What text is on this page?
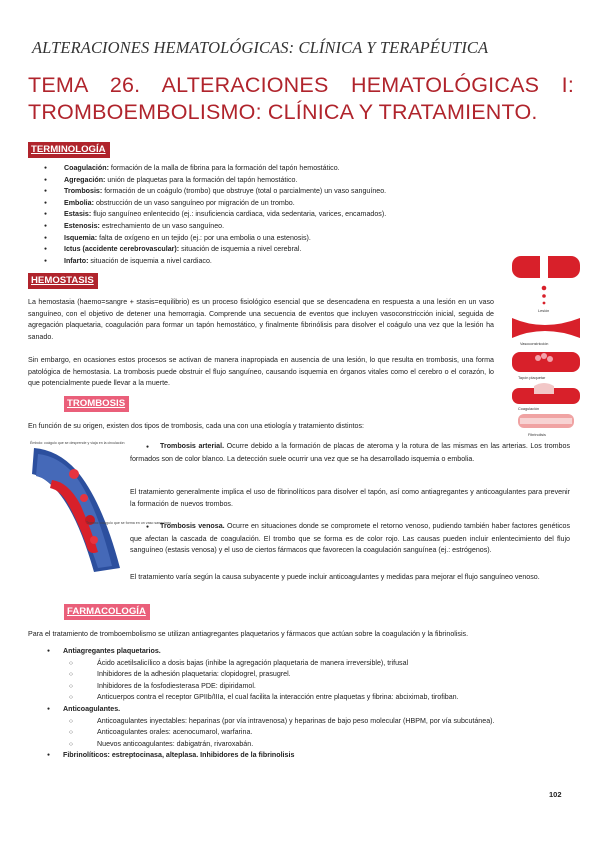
ALTERACIONES HEMATOLÓGICAS: CLÍNICA Y TERAPÉUTICA
TEMA 26. ALTERACIONES HEMATOLÓGICAS I:
TROMBOEMBOLISMO: CLÍNICA Y TRATAMIENTO.
TERMINOLOGÍA
● Coagulación: formación de la malla de fibrina para la formación del tapón hemostático.
● Agregación: unión de plaquetas para la formación del tapón hemostático.
● Trombosis: formación de un coágulo (trombo) que obstruye (total o parcialmente) un vaso sanguíneo.
● Embolia: obstrucción de un vaso sanguíneo por migración de un trombo.
● Estasis: flujo sanguíneo enlentecido (ej.: insuficiencia cardiaca, vida sedentaria, varices, encamados).
● Estenosis: estrechamiento de un vaso sanguíneo.
● Isquemia: falta de oxígeno en un tejido (ej.: por una embolia o una estenosis).
● Ictus (accidente cerebrovascular): situación de isquemia a nivel cerebral.
● Infarto: situación de isquemia a nivel cardiaco.
HEMOSTASIS
La hemostasia (haemo=sangre + stasis=equilibrio) es un proceso fisiológico esencial que se desencadena en respuesta a una lesión en un vaso sanguíneo, con el objetivo de detener una hemorragia. Comprende una secuencia de eventos que incluyen vasoconstricción inicial, seguida de agregación plaquetaria, coagulación para formar un tapón hemostático, y finalmente fibrinólisis para disolver el coágulo una vez que la lesión ha sanado.
Sin embargo, en ocasiones estos procesos se activan de manera inapropiada en ausencia de una lesión, lo que resulta en trombosis, una forma patológica de hemostasia. La trombosis puede obstruir el flujo sanguíneo, causando isquemia en órganos vitales como el cerebro o el corazón, lo que potencialmente puede llevar a la muerte.
Lesión
Vasoconstricción
Tapón plaquetar
Coagulación
Fibrinolisis
TROMBOSIS
En función de su origen, existen dos tipos de trombosis, cada una con una etiología y tratamiento distintos:
Émbolo: coágulo que se desprende y viaja en la circulación
Trombo: coágulo que se forma en un vaso sanguíneo
● Trombosis arterial. Ocurre debido a la formación de placas de ateroma y la rotura de las mismas en las arterias. Los trombos formados son de color blanco. La detección suele ocurrir una vez que se ha desarrollado isquemia o embolia.
El tratamiento generalmente implica el uso de fibrinolíticos para disolver el tapón, así como antiagregantes y anticoagulantes para prevenir la formación de nuevos trombos.
● Trombosis venosa. Ocurre en situaciones donde se compromete el retorno venoso, pudiendo también haber factores genéticos que afectan la cascada de coagulación. El trombo que se forma es de color rojo. Las causas pueden incluir enlentecimiento del flujo sanguíneo (estasis venosa) y el uso de ciertos fármacos que favorecen la coagulación sanguínea (ej.: estrógenos).
El tratamiento varía según la causa subyacente y puede incluir anticoagulantes y medidas para mejorar el flujo sanguíneo venoso.
FARMACOLOGÍA
Para el tratamiento de tromboembolismo se utilizan antiagregantes plaquetarios y fármacos que actúan sobre la coagulación y la fibrinolisis.
● Antiagregantes plaquetarios.
○ Ácido acetilsalicílico a dosis bajas (inhibe la agregación plaquetaria de manera irreversible), trifusal
○ Inhibidores de la adhesión plaquetaria: clopidogrel, prasugrel.
○ Inhibidores de la fosfodiesterasa PDE: dipiridamol.
○ Anticuerpos contra el receptor GPIIb/IIIa, el cual facilita la interacción entre plaquetas y fibrina: abciximab, tirofiban.
● Anticoagulantes.
○ Anticoagulantes inyectables: heparinas (por vía intravenosa) y heparinas de bajo peso molecular (HBPM, por vía subcutánea).
○ Anticoagulantes orales: acenocumarol, warfarina.
○ Nuevos anticoagulantes: dabigatrán, rivaroxabán.
● Fibrinolíticos: estreptocinasa, alteplasa. Inhibidores de la fibrinolisis
102
